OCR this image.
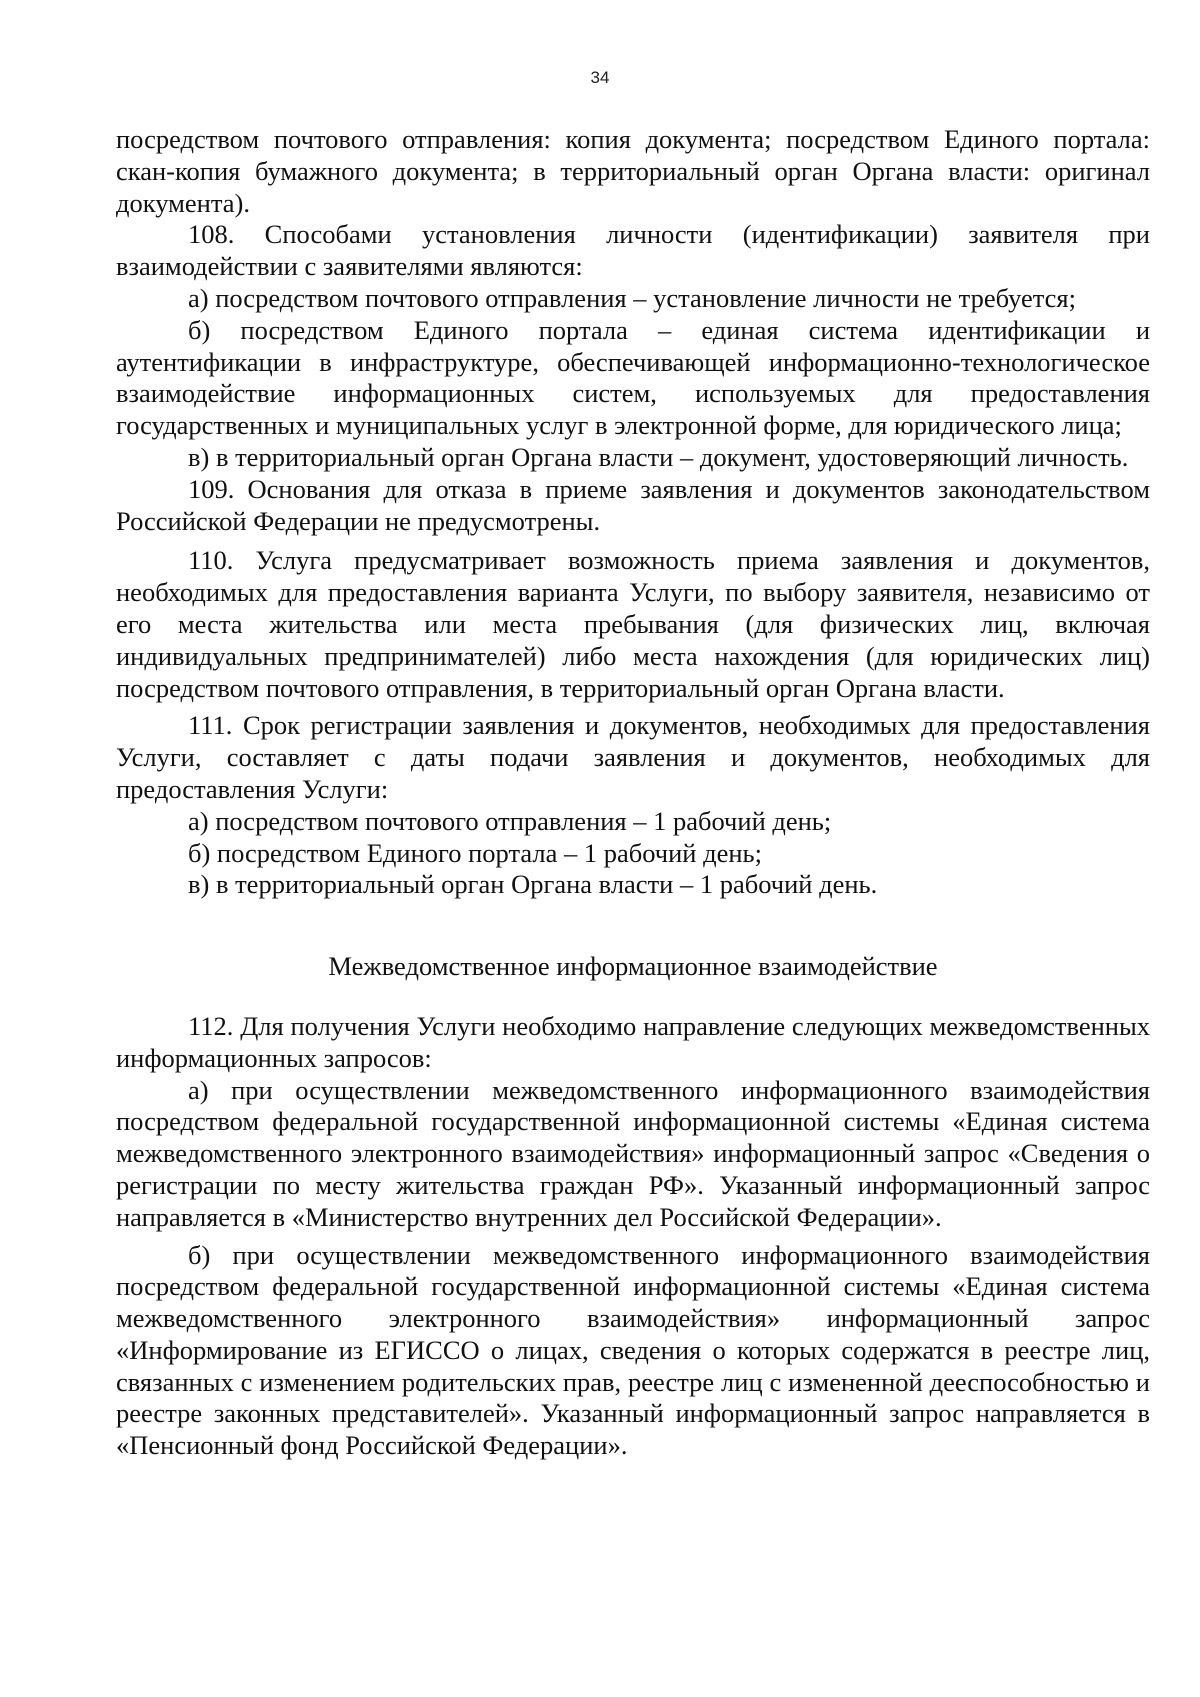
34

посредством почтового отправления: копия документа; посредством Единого портала: скан-копия бумажного документа; в территориальный орган Органа власти: оригинал документа).

108. Способами установления личности (идентификации) заявителя при взаимодействии с заявителями являются:

а) посредством почтового отправления – установление личности не требуется;

б) посредством Единого портала – единая система идентификации и аутентификации в инфраструктуре, обеспечивающей информационно-технологическое взаимодействие информационных систем, используемых для предоставления государственных и муниципальных услуг в электронной форме, для юридического лица;

в) в территориальный орган Органа власти – документ, удостоверяющий личность.

109. Основания для отказа в приеме заявления и документов законодательством Российской Федерации не предусмотрены.

110. Услуга предусматривает возможность приема заявления и документов, необходимых для предоставления варианта Услуги, по выбору заявителя, независимо от его места жительства или места пребывания (для физических лиц, включая индивидуальных предпринимателей) либо места нахождения (для юридических лиц) посредством почтового отправления, в территориальный орган Органа власти.

111. Срок регистрации заявления и документов, необходимых для предоставления Услуги, составляет с даты подачи заявления и документов, необходимых для предоставления Услуги:

а) посредством почтового отправления – 1 рабочий день;

б) посредством Единого портала – 1 рабочий день;

в) в территориальный орган Органа власти – 1 рабочий день.

Межведомственное информационное взаимодействие

112. Для получения Услуги необходимо направление следующих межведомственных информационных запросов:

а) при осуществлении межведомственного информационного взаимодействия посредством федеральной государственной информационной системы «Единая система межведомственного электронного взаимодействия» информационный запрос «Сведения о регистрации по месту жительства граждан РФ». Указанный информационный запрос направляется в «Министерство внутренних дел Российской Федерации».

б) при осуществлении межведомственного информационного взаимодействия посредством федеральной государственной информационной системы «Единая система межведомственного электронного взаимодействия» информационный запрос «Информирование из ЕГИССО о лицах, сведения о которых содержатся в реестре лиц, связанных с изменением родительских прав, реестре лиц с измененной дееспособностью и реестре законных представителей». Указанный информационный запрос направляется в «Пенсионный фонд Российской Федерации».
